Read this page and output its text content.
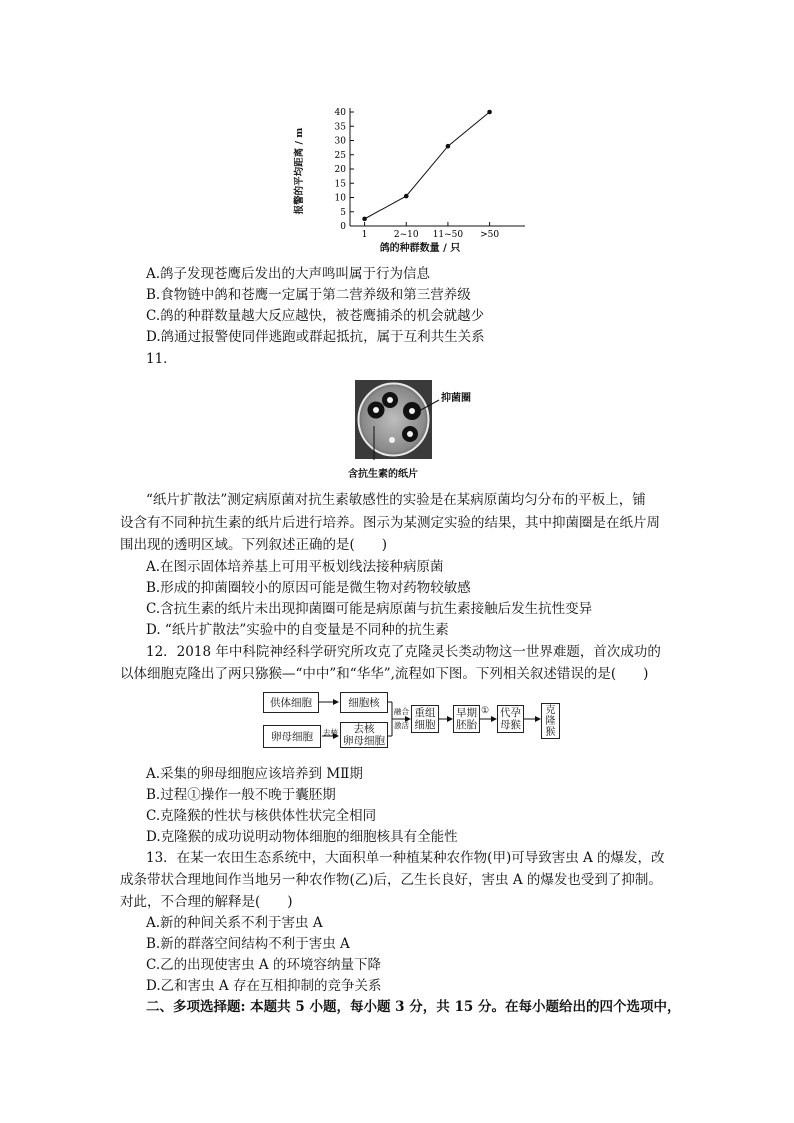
0
5
10
15
20
25
30
35
40
1	2~10 11~50 >50
报警的平均距离 / m
鸽的种群数量 / 只
A.鸽子发现苍鹰后发出的大声鸣叫属于行为信息
B.食物链中鸽和苍鹰一定属于第二营养级和第三营养级
C.鸽的种群数量越大反应越快，被苍鹰捕杀的机会就越少
D.鸽通过报警使同伴逃跑或群起抵抗，属于互利共生关系
11．
抑菌圈
含抗生素的纸片
“纸片扩散法”测定病原菌对抗生素敏感性的实验是在某病原菌均匀分布的平板上，铺
设含有不同种抗生素的纸片后进行培养。图示为某测定实验的结果，其中抑菌圈是在纸片周
围出现的透明区域。下列叙述正确的是(　　)
A.在图示固体培养基上可用平板划线法接种病原菌
B.形成的抑菌圈较小的原因可能是微生物对药物较敏感
C.含抗生素的纸片未出现抑菌圈可能是病原菌与抗生素接触后发生抗性变异
D. “纸片扩散法”实验中的自变量是不同种的抗生素
12．2018 年中科院神经科学研究所攻克了克隆灵长类动物这一世界难题，首次成功的
以体细胞克隆出了两只猕猴—“中中”和“华华”,流程如下图。下列相关叙述错误的是(　　)
供体细胞	细胞核
卵母细胞 去核 去核
卵母细胞
融合
激活
重组
细胞
早期
胚胎
① 代孕
母猴
克
隆
猴
A.采集的卵母细胞应该培养到 MⅡ期
B.过程①操作一般不晚于囊胚期
C.克隆猴的性状与核供体性状完全相同
D.克隆猴的成功说明动物体细胞的细胞核具有全能性
13．在某一农田生态系统中，大面积单一种植某种农作物(甲)可导致害虫 A 的爆发，改
成条带状合理地间作当地另一种农作物(乙)后，乙生长良好，害虫 A 的爆发也受到了抑制。
对此，不合理的解释是(　　)
A.新的种间关系不利于害虫 A
B.新的群落空间结构不利于害虫 A
C.乙的出现使害虫 A 的环境容纳量下降
D.乙和害虫 A 存在互相抑制的竞争关系
二、多项选择题: 本题共 5 小题，每小题 3 分，共 15 分。在每小题给出的四个选项中，
